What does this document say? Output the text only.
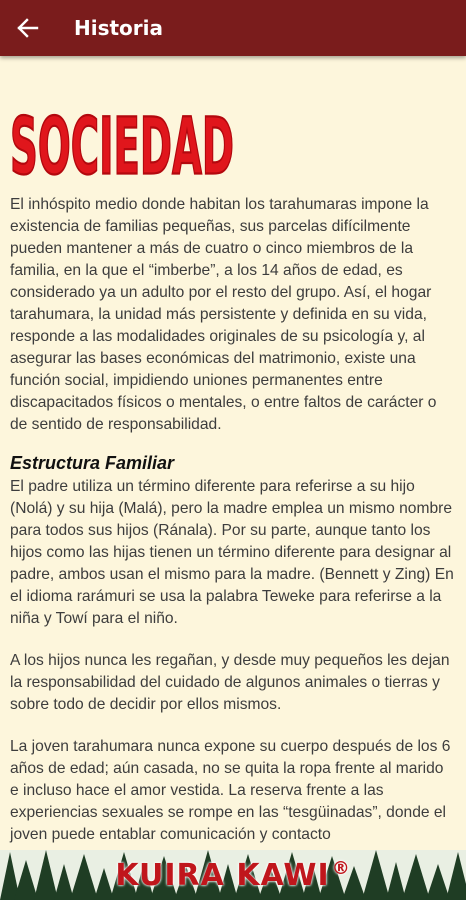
Historia
SOCIEDAD

El inhóspito medio donde habitan los tarahumaras impone la existencia de familias pequeñas, sus parcelas difícilmente pueden mantener a más de cuatro o cinco miembros de la familia, en la que el “imberbe”, a los 14 años de edad, es considerado ya un adulto por el resto del grupo. Así, el hogar tarahumara, la unidad más persistente y definida en su vida, responde a las modalidades originales de su psicología y, al asegurar las bases económicas del matrimonio, existe una función social, impidiendo uniones permanentes entre discapacitados físicos o mentales, o entre faltos de carácter o de sentido de responsabilidad.

Estructura Familiar

El padre utiliza un término diferente para referirse a su hijo (Nolá) y su hija (Malá), pero la madre emplea un mismo nombre para todos sus hijos (Ránala). Por su parte, aunque tanto los hijos como las hijas tienen un término diferente para designar al padre, ambos usan el mismo para la madre. (Bennett y Zing) En el idioma rarámuri se usa la palabra Teweke para referirse a la niña y Towí para el niño.

A los hijos nunca les regañan, y desde muy pequeños les dejan la responsabilidad del cuidado de algunos animales o tierras y sobre todo de decidir por ellos mismos.

La joven tarahumara nunca expone su cuerpo después de los 6 años de edad; aún casada, no se quita la ropa frente al marido e incluso hace el amor vestida. La reserva frente a las experiencias sexuales se rompe en las “tesgüinadas”, donde el joven puede entablar comunicación y contacto

KUIRA KAWI ®
